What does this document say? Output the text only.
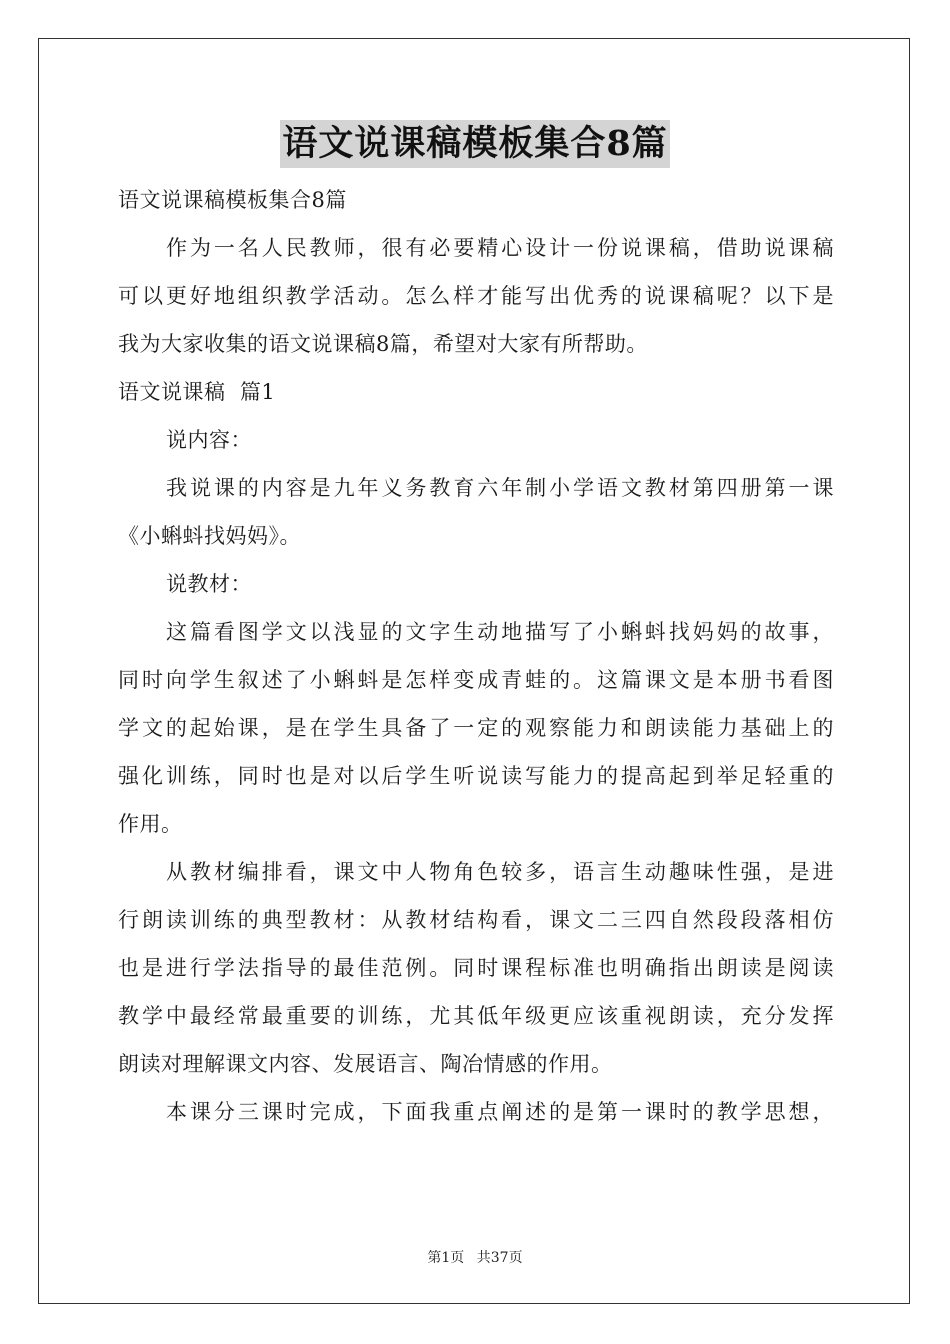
语文说课稿模板集合8篇

语文说课稿模板集合8篇

作为一名人民教师，很有必要精心设计一份说课稿，借助说课稿

可以更好地组织教学活动。怎么样才能写出优秀的说课稿呢？以下是

我为大家收集的语文说课稿8篇，希望对大家有所帮助。

语文说课稿  篇1

说内容：

我说课的内容是九年义务教育六年制小学语文教材第四册第一课

《小蝌蚪找妈妈》。

说教材：

这篇看图学文以浅显的文字生动地描写了小蝌蚪找妈妈的故事，

同时向学生叙述了小蝌蚪是怎样变成青蛙的。这篇课文是本册书看图

学文的起始课，是在学生具备了一定的观察能力和朗读能力基础上的

强化训练，同时也是对以后学生听说读写能力的提高起到举足轻重的

作用。

从教材编排看，课文中人物角色较多，语言生动趣味性强，是进

行朗读训练的典型教材：从教材结构看，课文二三四自然段段落相仿

也是进行学法指导的最佳范例。同时课程标准也明确指出朗读是阅读

教学中最经常最重要的训练，尤其低年级更应该重视朗读，充分发挥

朗读对理解课文内容、发展语言、陶冶情感的作用。

本课分三课时完成，下面我重点阐述的是第一课时的教学思想，

第1页 共37页
